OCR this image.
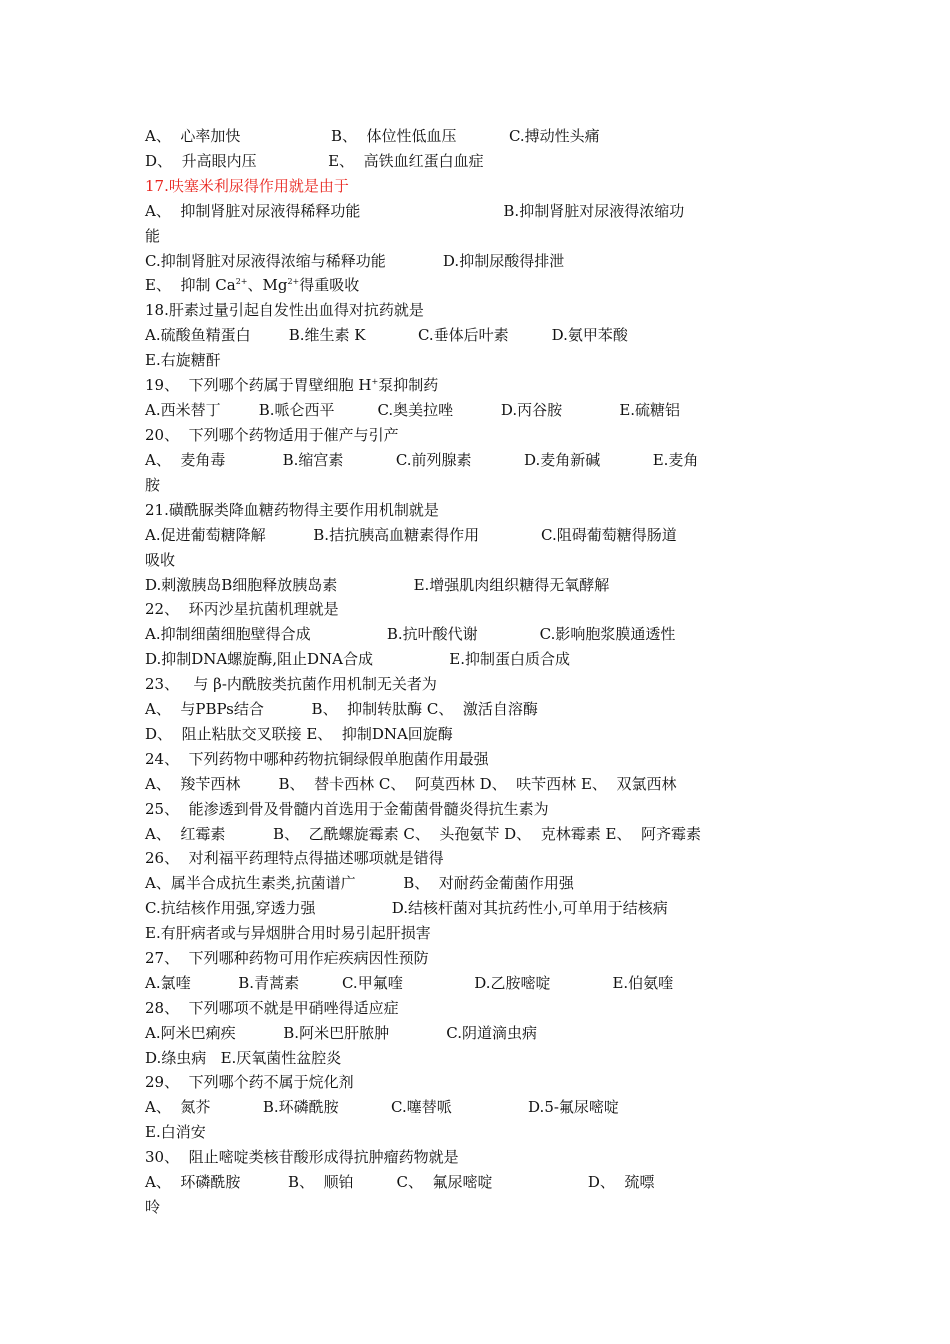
A、  心率加快                   B、  体位性低血压           C.搏动性头痛
D、  升高眼内压               E、  高铁血红蛋白血症
17.呋塞米利尿得作用就是由于
A、  抑制肾脏对尿液得稀释功能                              B.抑制肾脏对尿液得浓缩功
能
C.抑制肾脏对尿液得浓缩与稀释功能            D.抑制尿酸得排泄
E、  抑制 $Ca^{2+}$、$Mg^{2+}$得重吸收
18.肝素过量引起自发性出血得对抗药就是
A.硫酸鱼精蛋白        B.维生素 K           C.垂体后叶素         D.氨甲苯酸
E.右旋糖酐
19、  下列哪个药属于胃壁细胞 H+泵抑制药
A.西米替丁        B.哌仑西平         C.奥美拉唑          D.丙谷胺            E.硫糖铝
20、  下列哪个药物适用于催产与引产
A、  麦角毒            B.缩宫素           C.前列腺素           D.麦角新碱           E.麦角
胺
21.磺酰脲类降血糖药物得主要作用机制就是
A.促进葡萄糖降解          B.拮抗胰高血糖素得作用             C.阻碍葡萄糖得肠道
吸收
D.刺激胰岛B细胞释放胰岛素                E.增强肌肉组织糖得无氧酵解
22、  环丙沙星抗菌机理就是
A.抑制细菌细胞壁得合成                B.抗叶酸代谢             C.影响胞浆膜通透性
D.抑制DNA螺旋酶,阻止DNA合成                E.抑制蛋白质合成
23、   与 β-内酰胺类抗菌作用机制无关者为
A、  与PBPs结合          B、  抑制转肽酶 C、  激活自溶酶
D、  阻止粘肽交叉联接 E、  抑制DNA回旋酶
24、  下列药物中哪种药物抗铜绿假单胞菌作用最强
A、  羧苄西林        B、  替卡西林 C、  阿莫西林 D、  呋苄西林 E、  双氯西林
25、  能渗透到骨及骨髓内首选用于金葡菌骨髓炎得抗生素为
A、  红霉素          B、  乙酰螺旋霉素 C、  头孢氨苄 D、  克林霉素 E、  阿齐霉素
26、  对利福平药理特点得描述哪项就是错得
A、属半合成抗生素类,抗菌谱广          B、  对耐药金葡菌作用强
C.抗结核作用强,穿透力强                D.结核杆菌对其抗药性小,可单用于结核病
E.有肝病者或与异烟肼合用时易引起肝损害
27、  下列哪种药物可用作疟疾病因性预防
A.氯喹          B.青蒿素         C.甲氟喹               D.乙胺嘧啶             E.伯氨喹
28、  下列哪项不就是甲硝唑得适应症
A.阿米巴痢疾          B.阿米巴肝脓肿            C.阴道滴虫病
D.绦虫病   E.厌氧菌性盆腔炎
29、  下列哪个药不属于烷化剂
A、  氮芥           B.环磷酰胺           C.噻替哌                D.5-氟尿嘧啶
E.白消安
30、  阻止嘧啶类核苷酸形成得抗肿瘤药物就是
A、  环磷酰胺          B、  顺铂         C、  氟尿嘧啶                    D、  巯嘌
呤
